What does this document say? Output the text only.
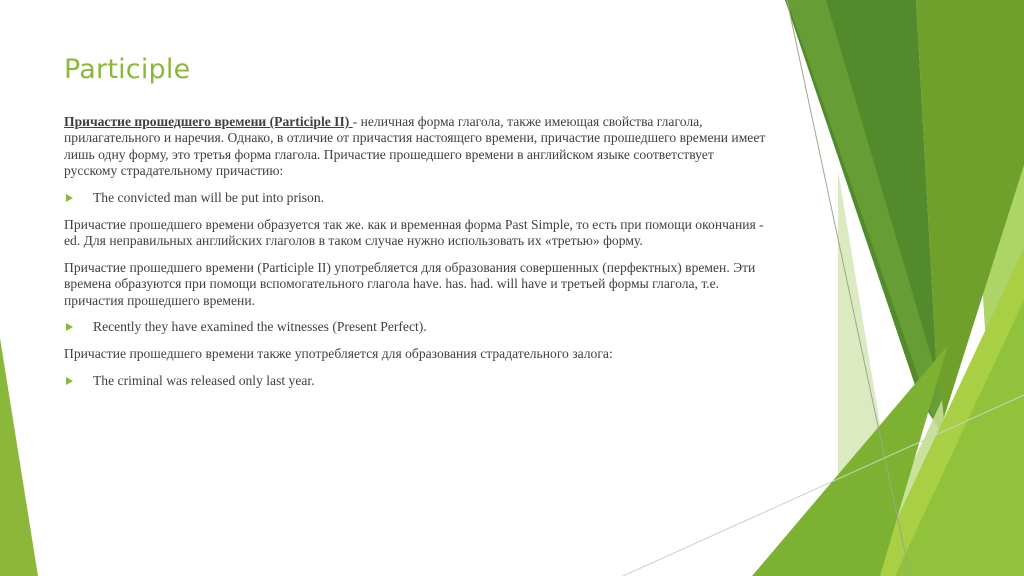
Participle

Причастие прошедшего времени (Participle II) - неличная форма глагола, также имеющая свойства глагола, прилагательного и наречия. Однако, в отличие от причастия настоящего времени, причастие прошедшего времени имеет лишь одну форму, это третья форма глагола. Причастие прошедшего времени в английском языке соответствует русскому страдательному причастию:

The convicted man will be put into prison.

Причастие прошедшего времени образуется так же. как и временная форма Past Simple, то есть при помощи окончания -ed. Для неправильных английских глаголов в таком случае нужно использовать их «третью» форму.

Причастие прошедшего времени (Participle II) употребляется для образования совершенных (перфектных) времен. Эти времена образуются при помощи вспомогательного глагола have. has. had. will have и третьей формы глагола, т.е. причастия прошедшего времени.

Recently they have examined the witnesses (Present Perfect).

Причастие прошедшего времени также употребляется для образования страдательного залога:

The criminal was released only last year.
